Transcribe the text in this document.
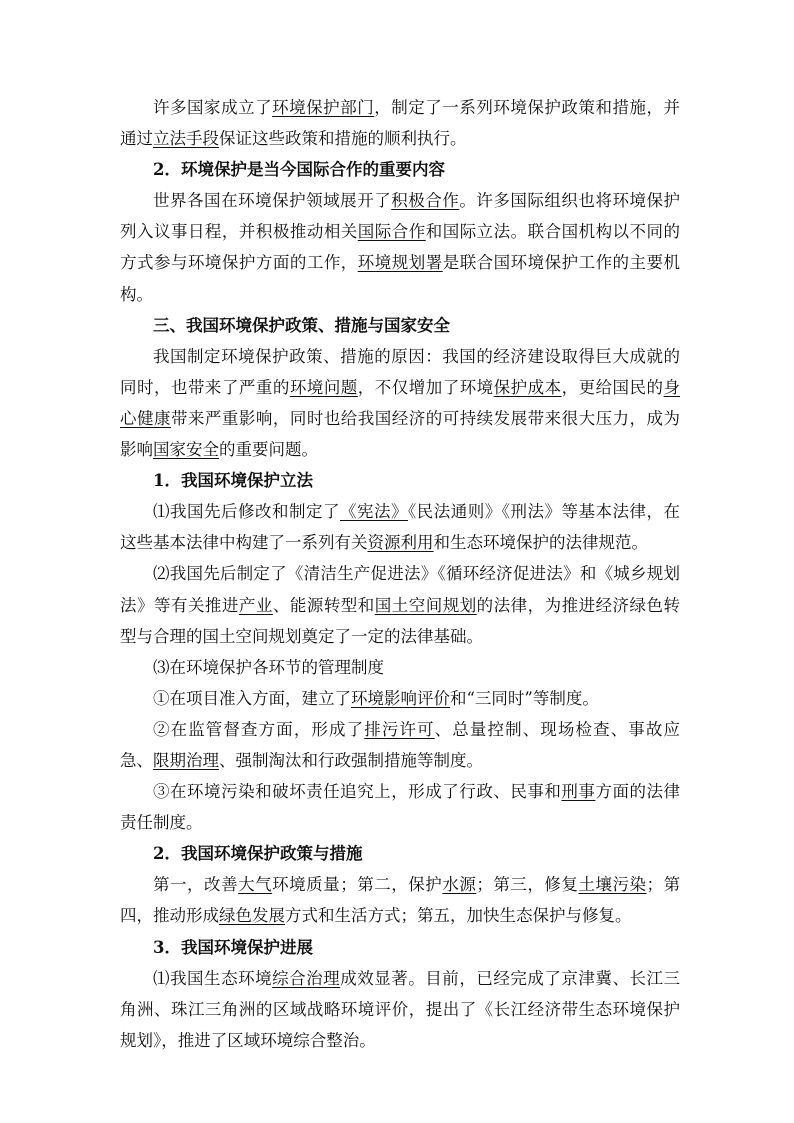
许多国家成立了环境保护部门，制定了一系列环境保护政策和措施，并通过立法手段保证这些政策和措施的顺利执行。

2．环境保护是当今国际合作的重要内容

世界各国在环境保护领域展开了积极合作。许多国际组织也将环境保护列入议事日程，并积极推动相关国际合作和国际立法。联合国机构以不同的方式参与环境保护方面的工作，环境规划署是联合国环境保护工作的主要机构。

三、我国环境保护政策、措施与国家安全

我国制定环境保护政策、措施的原因：我国的经济建设取得巨大成就的同时，也带来了严重的环境问题，不仅增加了环境保护成本，更给国民的身心健康带来严重影响，同时也给我国经济的可持续发展带来很大压力，成为影响国家安全的重要问题。

1．我国环境保护立法

⑴我国先后修改和制定了《宪法》《民法通则》《刑法》等基本法律，在这些基本法律中构建了一系列有关资源利用和生态环境保护的法律规范。

⑵我国先后制定了《清洁生产促进法》《循环经济促进法》和《城乡规划法》等有关推进产业、能源转型和国土空间规划的法律，为推进经济绿色转型与合理的国土空间规划奠定了一定的法律基础。

⑶在环境保护各环节的管理制度

①在项目准入方面，建立了环境影响评价和“三同时”等制度。

②在监管督查方面，形成了排污许可、总量控制、现场检查、事故应急、限期治理、强制淘汰和行政强制措施等制度。

③在环境污染和破坏责任追究上，形成了行政、民事和刑事方面的法律责任制度。

2．我国环境保护政策与措施

第一，改善大气环境质量；第二，保护水源；第三，修复土壤污染；第四，推动形成绿色发展方式和生活方式；第五，加快生态保护与修复。

3．我国环境保护进展

⑴我国生态环境综合治理成效显著。目前，已经完成了京津冀、长江三角洲、珠江三角洲的区域战略环境评价，提出了《长江经济带生态环境保护规划》，推进了区域环境综合整治。
